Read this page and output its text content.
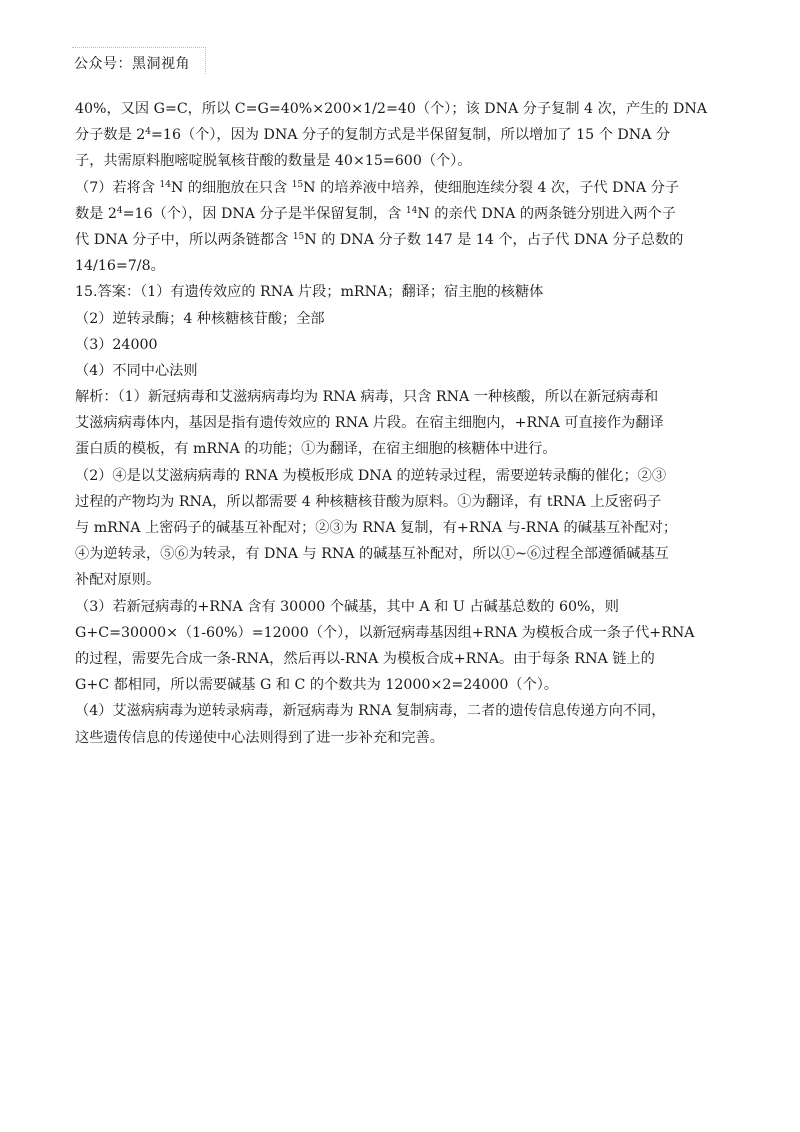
公众号：黑洞视角
40%，又因 G=C，所以 C=G=40%×200×1/2=40（个）；该 DNA 分子复制 4 次，产生的 DNA
分子数是 $2^4=16$（个），因为 DNA 分子的复制方式是半保留复制，所以增加了 15 个 DNA 分
子，共需原料胞嘧啶脱氧核苷酸的数量是 40×15=600（个）。
（7）若将含 $^{14}$N 的细胞放在只含 $^{15}$N 的培养液中培养，使细胞连续分裂 4 次，子代 DNA 分子
数是 $2^4=16$（个），因 DNA 分子是半保留复制，含 $^{14}$N 的亲代 DNA 的两条链分别进入两个子
代 DNA 分子中，所以两条链都含 $^{15}$N 的 DNA 分子数 147 是 14 个，占子代 DNA 分子总数的
14/16=7/8。
15.答案：（1）有遗传效应的 RNA 片段；mRNA；翻译；宿主胞的核糖体
（2）逆转录酶；4 种核糖核苷酸；全部
（3）24000
（4）不同中心法则
解析：（1）新冠病毒和艾滋病病毒均为 RNA 病毒，只含 RNA 一种核酸，所以在新冠病毒和
艾滋病病毒体内，基因是指有遗传效应的 RNA 片段。在宿主细胞内，+RNA 可直接作为翻译
蛋白质的模板，有 mRNA 的功能；①为翻译，在宿主细胞的核糖体中进行。
（2）④是以艾滋病病毒的 RNA 为模板形成 DNA 的逆转录过程，需要逆转录酶的催化；②③
过程的产物均为 RNA，所以都需要 4 种核糖核苷酸为原料。①为翻译，有 tRNA 上反密码子
与 mRNA 上密码子的碱基互补配对；②③为 RNA 复制，有+RNA 与-RNA 的碱基互补配对；
④为逆转录，⑤⑥为转录，有 DNA 与 RNA 的碱基互补配对，所以①~⑥过程全部遵循碱基互
补配对原则。
（3）若新冠病毒的+RNA 含有 30000 个碱基，其中 A 和 U 占碱基总数的 60%，则
G+C=30000×（1-60%）=12000（个），以新冠病毒基因组+RNA 为模板合成一条子代+RNA
的过程，需要先合成一条-RNA，然后再以-RNA 为模板合成+RNA。由于每条 RNA 链上的
G+C 都相同，所以需要碱基 G 和 C 的个数共为 12000×2=24000（个）。
（4）艾滋病病毒为逆转录病毒，新冠病毒为 RNA 复制病毒，二者的遗传信息传递方向不同，
这些遗传信息的传递使中心法则得到了进一步补充和完善。
